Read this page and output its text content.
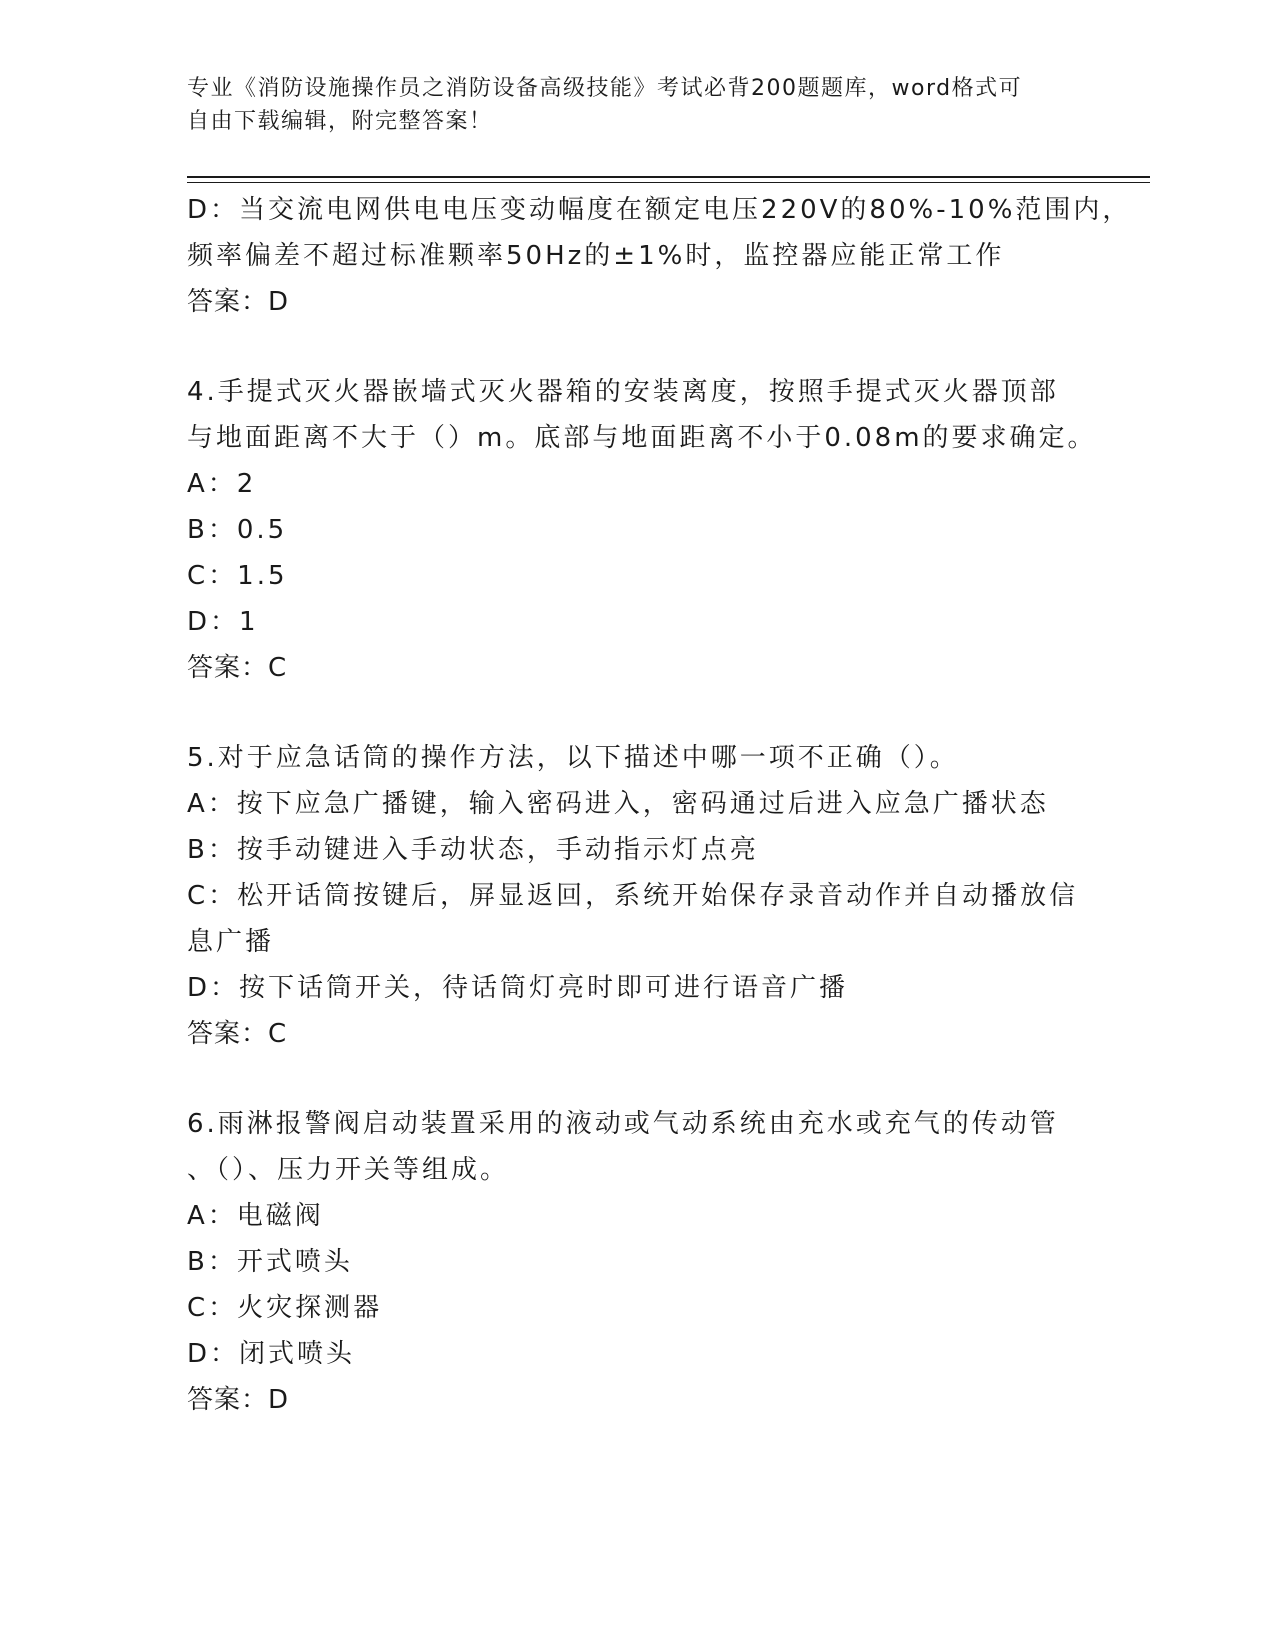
专业《消防设施操作员之消防设备高级技能》考试必背200题题库，word格式可
自由下载编辑，附完整答案！
D：当交流电网供电电压变动幅度在额定电压220V的80%-10%范围内，
频率偏差不超过标准颗率50Hz的±1%时，监控器应能正常工作
答案：D
4.手提式灭火器嵌墙式灭火器箱的安装离度，按照手提式灭火器顶部
与地面距离不大于（）m。底部与地面距离不小于0.08m的要求确定。
A：2
B：0.5
C：1.5
D：1
答案：C
5.对于应急话筒的操作方法，以下描述中哪一项不正确（）。
A：按下应急广播键，输入密码进入，密码通过后进入应急广播状态
B：按手动键进入手动状态，手动指示灯点亮
C：松开话筒按键后，屏显返回，系统开始保存录音动作并自动播放信
息广播
D：按下话筒开关，待话筒灯亮时即可进行语音广播
答案：C
6.雨淋报警阀启动装置采用的液动或气动系统由充水或充气的传动管
、（）、压力开关等组成。
A：电磁阀
B：开式喷头
C：火灾探测器
D：闭式喷头
答案：D
